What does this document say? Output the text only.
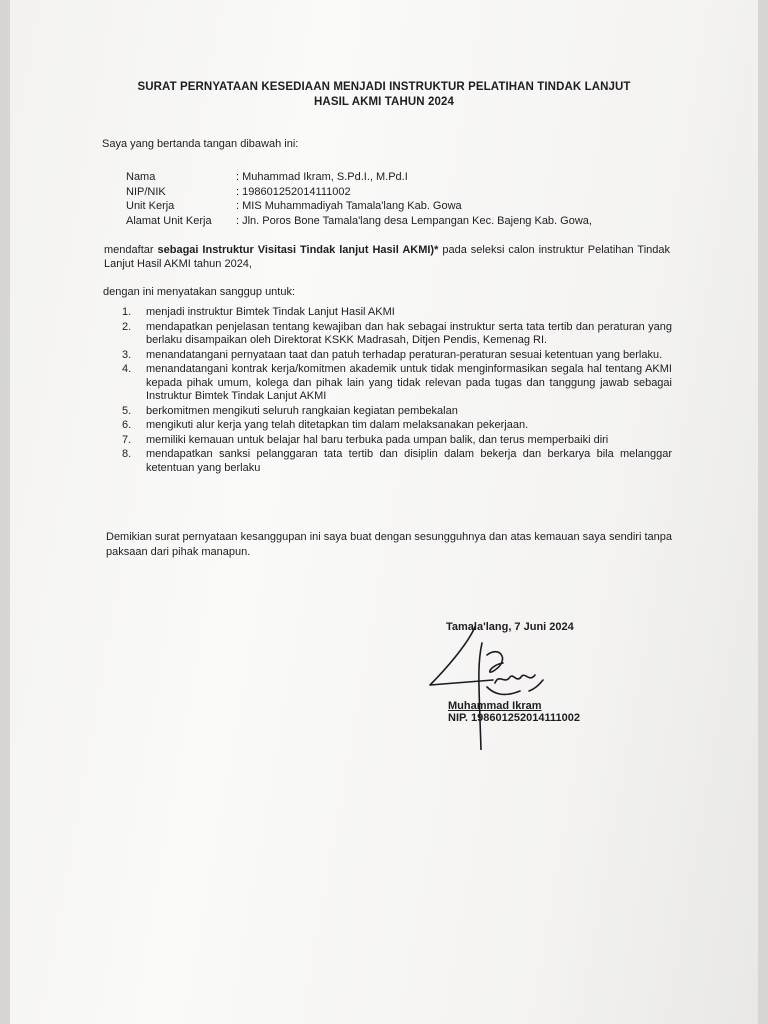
SURAT PERNYATAAN KESEDIAAN MENJADI INSTRUKTUR PELATIHAN TINDAK LANJUT
HASIL AKMI TAHUN 2024
Saya yang bertanda tangan dibawah ini:
Nama	: Muhammad Ikram, S.Pd.I., M.Pd.I
NIP/NIK	: 198601252014111002
Unit Kerja	: MIS Muhammadiyah Tamala'lang Kab. Gowa
Alamat Unit Kerja	: Jln. Poros Bone Tamala'lang desa Lempangan Kec. Bajeng Kab. Gowa,
mendaftar sebagai Instruktur Visitasi Tindak lanjut Hasil AKMI)* pada seleksi calon instruktur Pelatihan Tindak Lanjut Hasil AKMI tahun 2024,
dengan ini menyatakan sanggup untuk:
1.	menjadi instruktur Bimtek Tindak Lanjut Hasil AKMI
2.	mendapatkan penjelasan tentang kewajiban dan hak sebagai instruktur serta tata tertib dan peraturan yang berlaku disampaikan oleh Direktorat KSKK Madrasah, Ditjen Pendis, Kemenag RI.
3.	menandatangani pernyataan taat dan patuh terhadap peraturan-peraturan sesuai ketentuan yang berlaku.
4.	menandatangani kontrak kerja/komitmen akademik untuk tidak menginformasikan segala hal tentang AKMI kepada pihak umum, kolega dan pihak lain yang tidak relevan pada tugas dan tanggung jawab sebagai Instruktur Bimtek Tindak Lanjut AKMI
5.	berkomitmen mengikuti seluruh rangkaian kegiatan pembekalan
6.	mengikuti alur kerja yang telah ditetapkan tim dalam melaksanakan pekerjaan.
7.	memiliki kemauan untuk belajar hal baru terbuka pada umpan balik, dan terus memperbaiki diri
8.	mendapatkan sanksi pelanggaran tata tertib dan disiplin dalam bekerja dan berkarya bila melanggar ketentuan yang berlaku
Demikian surat pernyataan kesanggupan ini saya buat dengan sesungguhnya dan atas kemauan saya sendiri tanpa paksaan dari pihak manapun.
Tamala'lang, 7 Juni 2024
Muhammad Ikram
NIP. 198601252014111002
